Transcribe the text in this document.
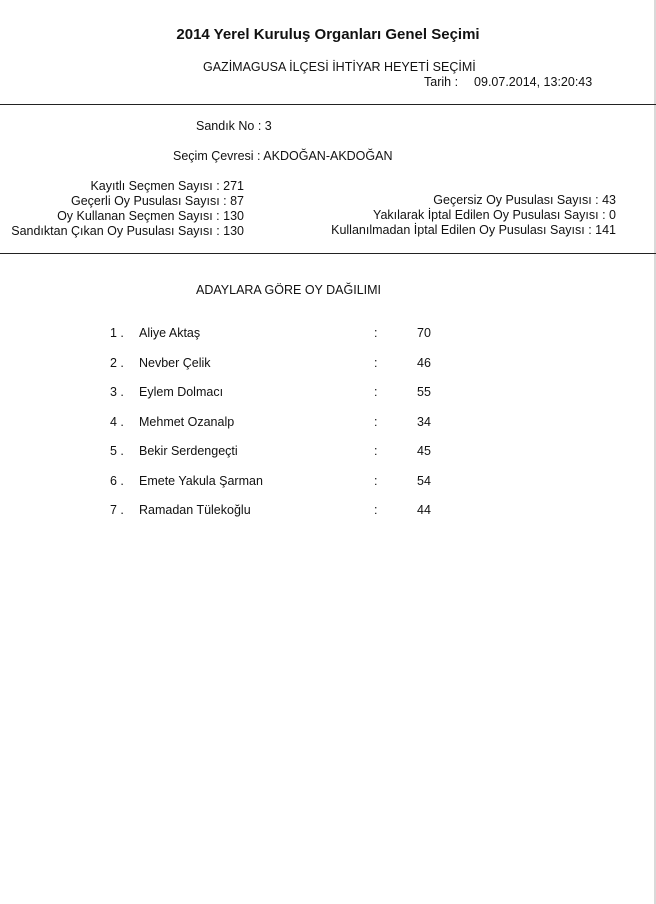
2014 Yerel Kuruluş Organları Genel Seçimi
GAZİMAGUSA İLÇESİ İHTİYAR HEYETİ SEÇİMİ
Tarih : 09.07.2014, 13:20:43
Sandık No : 3
Seçim Çevresi : AKDOĞAN-AKDOĞAN
Kayıtlı Seçmen Sayısı : 271
Geçerli Oy Pusulası Sayısı : 87
Oy Kullanan Seçmen Sayısı : 130
Sandıktan Çıkan Oy Pusulası Sayısı : 130
Geçersiz Oy Pusulası Sayısı : 43
Yakılarak İptal Edilen Oy Pusulası Sayısı : 0
Kullanılmadan İptal Edilen Oy Pusulası Sayısı : 141
ADAYLARA GÖRE OY DAĞILIMI
1 . Aliye Aktaş	:	70
2 . Nevber Çelik	:	46
3 . Eylem Dolmacı	:	55
4 . Mehmet Ozanalp	:	34
5 . Bekir Serdengeçti	:	45
6 . Emete Yakula Şarman	:	54
7 . Ramadan Tülekoğlu	:	44
